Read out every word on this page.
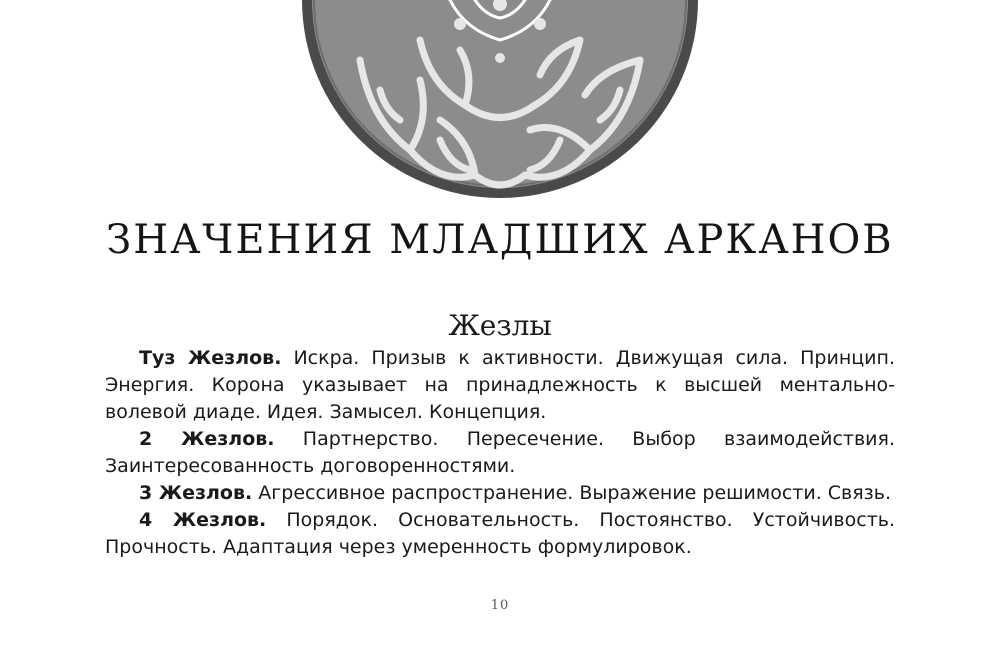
ЗНАЧЕНИЯ МЛАДШИХ АРКАНОВ
Жезлы

Туз Жезлов. Искра. Призыв к активности. Движущая сила. Принцип. Энергия. Корона указывает на принадлежность к высшей ментально-волевой диаде. Идея. Замысел. Концепция.

2 Жезлов. Партнерство. Пересечение. Выбор взаимодействия. Заинтересованность договоренностями.

3 Жезлов. Агрессивное распространение. Выражение решимости. Связь.

4 Жезлов. Порядок. Основательность. Постоянство. Устойчивость. Прочность. Адаптация через умеренность формулировок.

10
